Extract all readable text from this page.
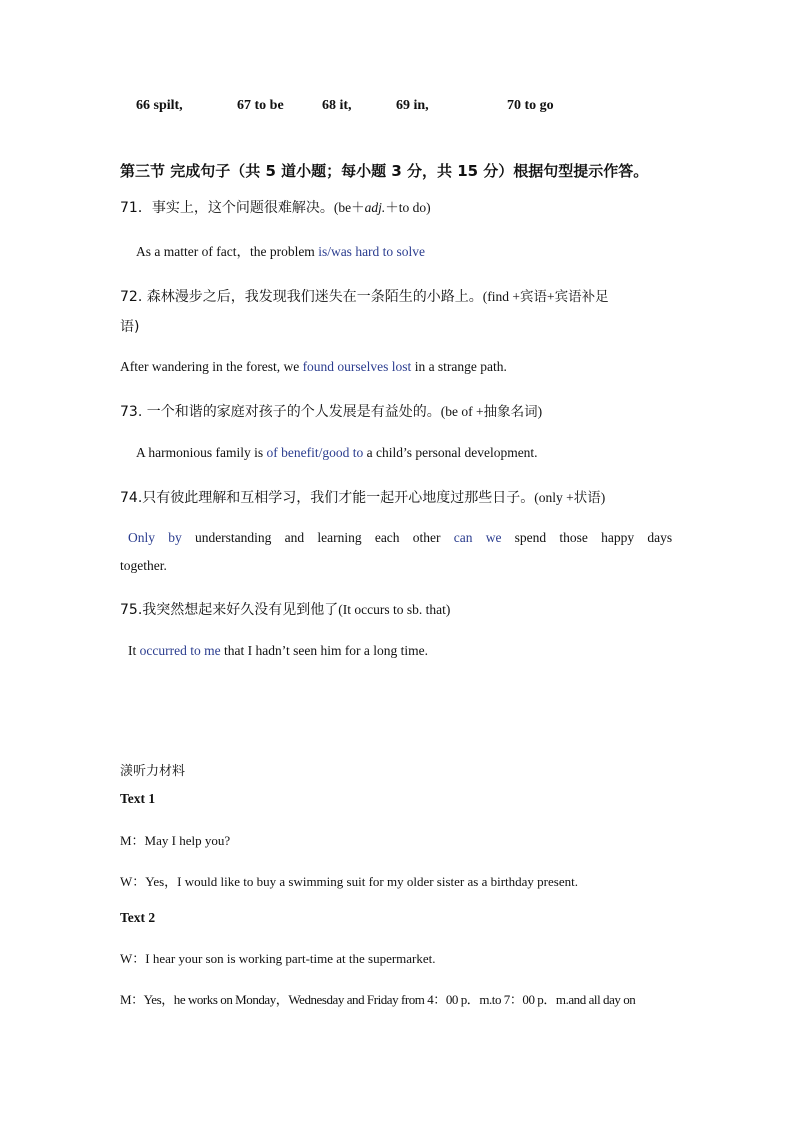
66 spilt,	67 to be	68 it,	69 in,	70 to go
第三节 完成句子（共 5 道小题；每小题 3 分，共 15 分）根据句型提示作答。
71．事实上，这个问题很难解决。(be＋adj.＋to do)
As a matter of fact，the problem is/was hard to solve
72. 森林漫步之后，我发现我们迷失在一条陌生的小路上。(find +宾语+宾语补足
语)
After wandering in the forest, we found ourselves lost in a strange path.
73. 一个和谐的家庭对孩子的个人发展是有益处的。(be of +抽象名词)
A harmonious family is of benefit/good to a child’s personal development.
74.只有彼此理解和互相学习，我们才能一起开心地度过那些日子。(only +状语)
Only by understanding and learning each other can we spend those happy days
together.
75.我突然想起来好久没有见到他了(It occurs to sb. that)
It occurred to me that I hadn’t seen him for a long time.
㵪听力材料
Text 1
M：May I help you?
W：Yes，I would like to buy a swimming suit for my older sister as a birthday present.
Text 2
W：I hear your son is working part-time at the supermarket.
M：Yes，he works on Monday，Wednesday and Friday from 4：00 p．m.to 7：00 p．m.and all day on
